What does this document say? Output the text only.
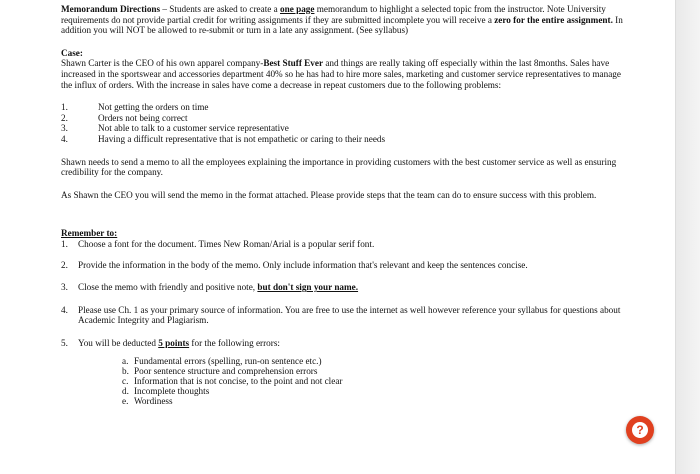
Memorandum Directions – Students are asked to create a one page memorandum to highlight a selected topic from the instructor. Note University requirements do not provide partial credit for writing assignments if they are submitted incomplete you will receive a zero for the entire assignment. In addition you will NOT be allowed to re-submit or turn in a late any assignment. (See syllabus)

Case:

Shawn Carter is the CEO of his own apparel company-Best Stuff Ever and things are really taking off especially within the last 8months. Sales have increased in the sportswear and accessories department 40% so he has had to hire more sales, marketing and customer service representatives to manage the influx of orders. With the increase in sales have come a decrease in repeat customers due to the following problems:

1.	Not getting the orders on time
2.	Orders not being correct
3.	Not able to talk to a customer service representative
4.	Having a difficult representative that is not empathetic or caring to their needs

Shawn needs to send a memo to all the employees explaining the importance in providing customers with the best customer service as well as ensuring credibility for the company.

As Shawn the CEO you will send the memo in the format attached. Please provide steps that the team can do to ensure success with this problem.

Remember to:

1.	Choose a font for the document. Times New Roman/Arial is a popular serif font.
2.	Provide the information in the body of the memo. Only include information that's relevant and keep the sentences concise.
3.	Close the memo with friendly and positive note, but don't sign your name.
4.	Please use Ch. 1 as your primary source of information. You are free to use the internet as well however reference your syllabus for questions about Academic Integrity and Plagiarism.
5.	You will be deducted 5 points for the following errors:
a. Fundamental errors (spelling, run-on sentence etc.)
b. Poor sentence structure and comprehension errors
c. Information that is not concise, to the point and not clear
d. Incomplete thoughts
e. Wordiness
?
